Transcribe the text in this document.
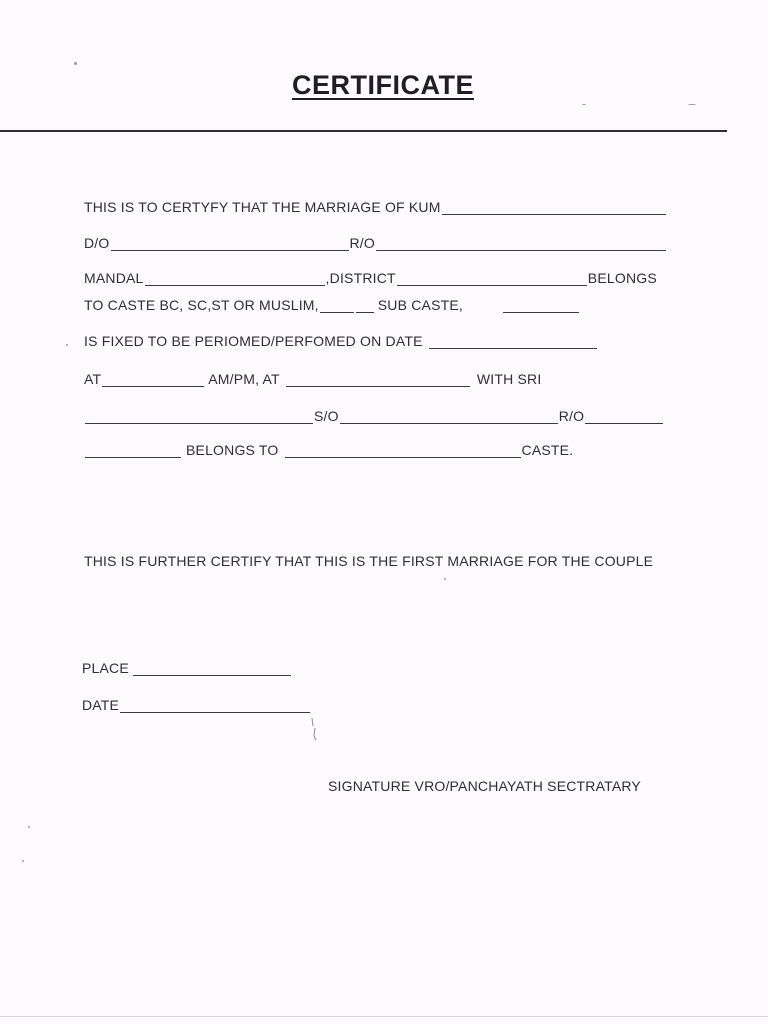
CERTIFICATE
THIS IS TO CERTYFY THAT THE MARRIAGE OF KUM
D/O	R/O
MANDAL	,DISTRICT	BELONGS
TO CASTE BC, SC,ST OR MUSLIM,	SUB CASTE,
IS FIXED TO BE PERIOMED/PERFOMED ON DATE
AT	AM/PM, AT	WITH SRI
S/O	R/O
BELONGS TO	CASTE.
THIS IS FURTHER CERTIFY THAT THIS IS THE FIRST MARRIAGE FOR THE COUPLE
PLACE
DATE
SIGNATURE VRO/PANCHAYATH SECTRATARY
